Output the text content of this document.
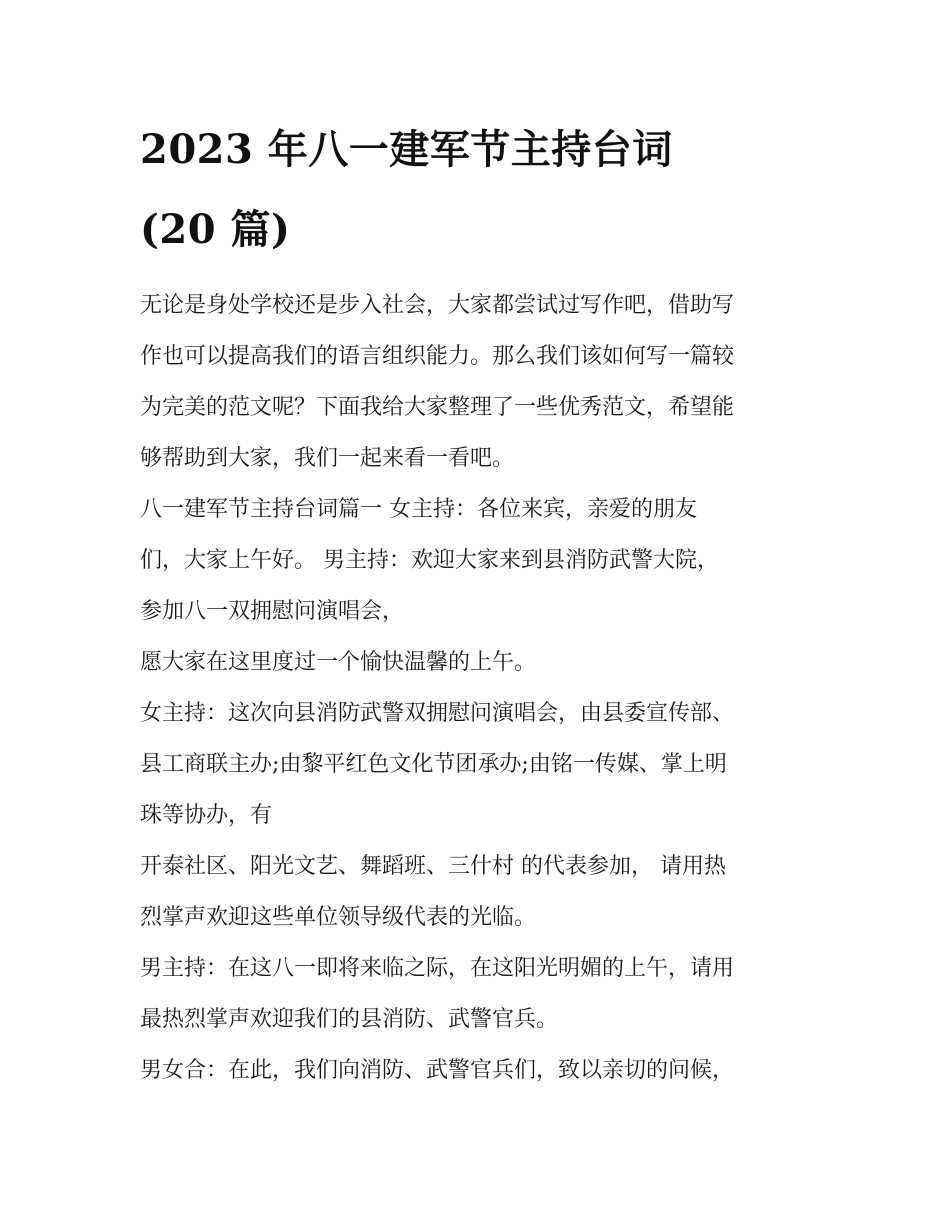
2023 年八一建军节主持台词
(20 篇)

无论是身处学校还是步入社会，大家都尝试过写作吧，借助写
作也可以提高我们的语言组织能力。那么我们该如何写一篇较
为完美的范文呢？下面我给大家整理了一些优秀范文，希望能
够帮助到大家，我们一起来看一看吧。

八一建军节主持台词篇一 女主持：各位来宾，亲爱的朋友
们，大家上午好。 男主持：欢迎大家来到县消防武警大院，
参加八一双拥慰问演唱会，

愿大家在这里度过一个愉快温馨的上午。

女主持：这次向县消防武警双拥慰问演唱会，由县委宣传部、
县工商联主办;由黎平红色文化节团承办;由铭一传媒、掌上明
珠等协办，有

开泰社区、阳光文艺、舞蹈班、三什村 的代表参加， 请用热
烈掌声欢迎这些单位领导级代表的光临。

男主持：在这八一即将来临之际，在这阳光明媚的上午，请用
最热烈掌声欢迎我们的县消防、武警官兵。

男女合：在此，我们向消防、武警官兵们，致以亲切的问候，
